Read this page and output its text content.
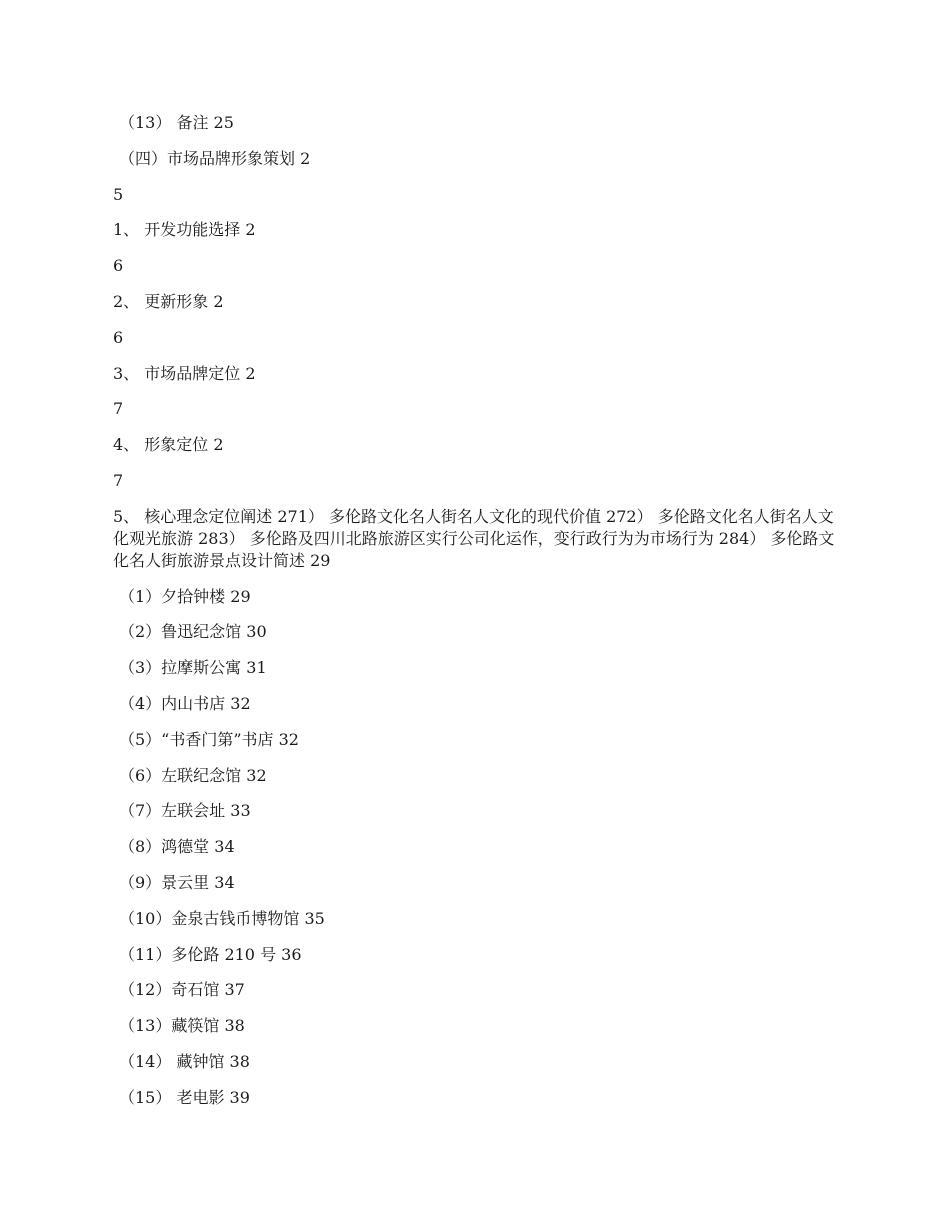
（13） 备注 25
（四）市场品牌形象策划 2
5
1、 开发功能选择 2
6
2、 更新形象 2
6
3、 市场品牌定位 2
7
4、 形象定位 2
7
5、 核心理念定位阐述 271） 多伦路文化名人街名人文化的现代价值 272） 多伦路文化名人街名人文化观光旅游 283） 多伦路及四川北路旅游区实行公司化运作，变行政行为为市场行为 284） 多伦路文化名人街旅游景点设计简述 29
（1）夕拾钟楼 29
（2）鲁迅纪念馆 30
（3）拉摩斯公寓 31
（4）内山书店 32
（5）“书香门第”书店 32
（6）左联纪念馆 32
（7）左联会址 33
（8）鸿德堂 34
（9）景云里 34
（10）金泉古钱币博物馆 35
（11）多伦路 210 号 36
（12）奇石馆 37
（13）藏筷馆 38
（14） 藏钟馆 38
（15） 老电影 39
